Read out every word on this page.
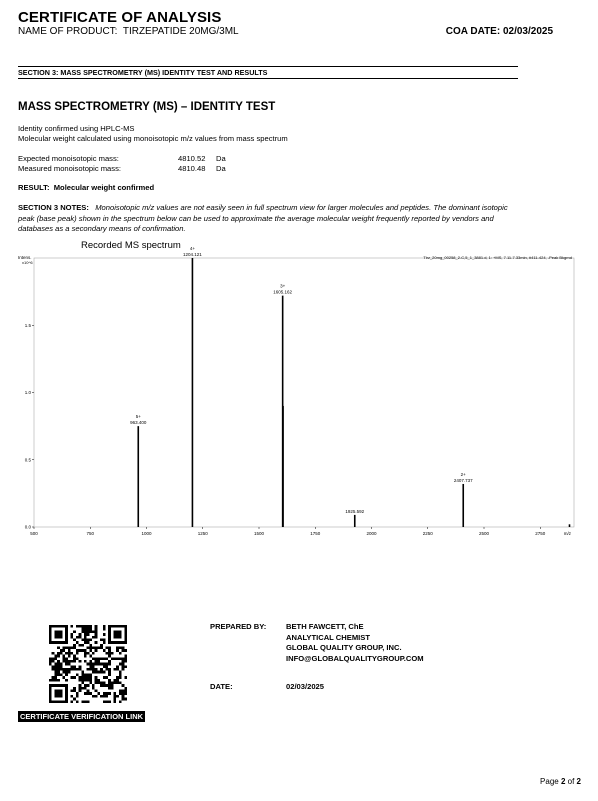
CERTIFICATE OF ANALYSIS
NAME OF PRODUCT: TIRZEPATIDE 20MG/3ML	COA DATE: 02/03/2025
SECTION 3: MASS SPECTROMETRY (MS) IDENTITY TEST AND RESULTS
MASS SPECTROMETRY (MS) – IDENTITY TEST
Identity confirmed using HPLC-MS
Molecular weight calculated using monoisotopic m/z values from mass spectrum
Expected monoisotopic mass:	4810.52 Da
Measured monoisotopic mass:	4810.48 Da
RESULT: Molecular weight confirmed
SECTION 3 NOTES: Monoisotopic m/z values are not easily seen in full spectrum view for larger molecules and peptides. The dominant isotopic peak (base peak) shown in the spectrum below can be used to approximate the average molecular weight frequently reported by vendors and databases as a secondary means of confirmation.
Recorded MS spectrum
Intens.
x10^6
Tirz_20mg_00258_2-C,5_1_3881.d, 1: +MS, 7.11-7.33min, #411-424, -Peak Bkgrnd
0.0
0.5
1.0
1.5
500	750	1000	1250	1500	1750	2000	2250	2500	2750	m/z
963.400
5+
1204.121
4+
1605.162
3+
1925.592
2407.737
2+
CERTIFICATE VERIFICATION LINK
PREPARED BY:	BETH FAWCETT, ChE
ANALYTICAL CHEMIST
GLOBAL QUALITY GROUP, INC.
INFO@GLOBALQUALITYGROUP.COM
DATE:	02/03/2025
Page 2 of 2
